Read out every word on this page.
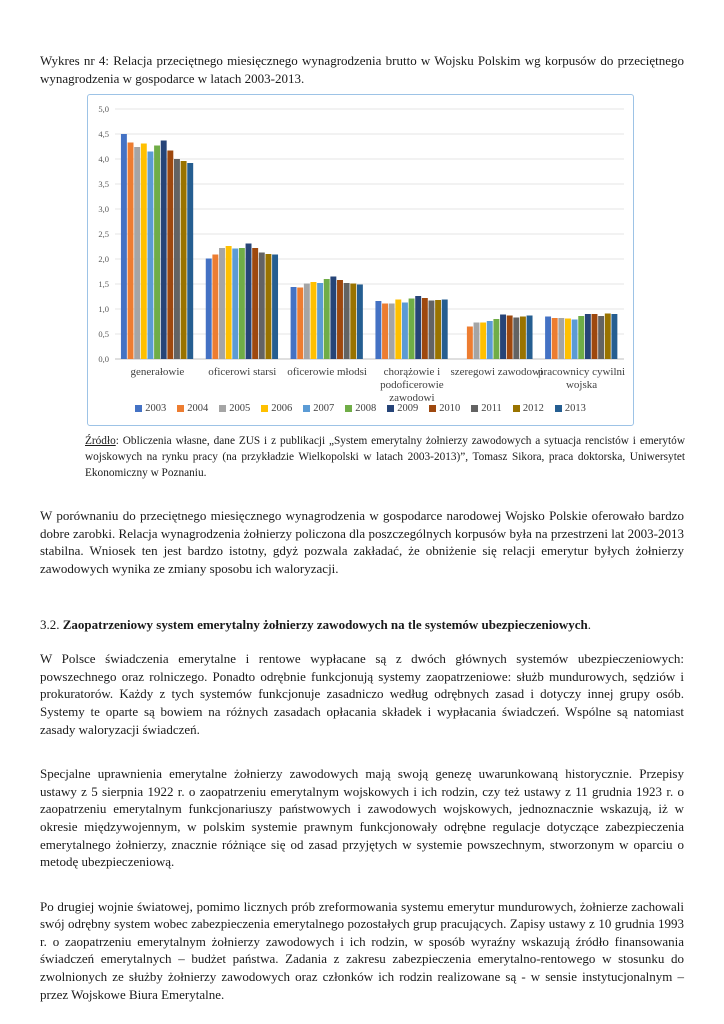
Wykres nr 4: Relacja przeciętnego miesięcznego wynagrodzenia brutto w Wojsku Polskim wg korpusów do przeciętnego wynagrodzenia w gospodarce w latach 2003-2013.

0,0
0,5
1,0
1,5
2,0
2,5
3,0
3,5
4,0
4,5
5,0
generałowie oficerowi starsi oficerowie młodsi chorążowie i
podoficerowie
zawodowi
szeregowi zawodowi
pracownicy cywilni
wojska
2003 2004 2005 2006 2007 2008 2009 2010 2011 2012 2013

Źródło: Obliczenia własne, dane ZUS i z publikacji „System emerytalny żołnierzy zawodowych a sytuacja rencistów i emerytów wojskowych na rynku pracy (na przykładzie Wielkopolski w latach 2003-2013)”, Tomasz Sikora, praca doktorska, Uniwersytet Ekonomiczny w Poznaniu.

W porównaniu do przeciętnego miesięcznego wynagrodzenia w gospodarce narodowej Wojsko Polskie oferowało bardzo dobre zarobki. Relacja wynagrodzenia żołnierzy policzona dla poszczególnych korpusów była na przestrzeni lat 2003-2013 stabilna. Wniosek ten jest bardzo istotny, gdyż pozwala zakładać, że obniżenie się relacji emerytur byłych żołnierzy zawodowych wynika ze zmiany sposobu ich waloryzacji.

3.2. Zaopatrzeniowy system emerytalny żołnierzy zawodowych na tle systemów ubezpieczeniowych.

W Polsce świadczenia emerytalne i rentowe wypłacane są z dwóch głównych systemów ubezpieczeniowych: powszechnego oraz rolniczego. Ponadto odrębnie funkcjonują systemy zaopatrzeniowe: służb mundurowych, sędziów i prokuratorów. Każdy z tych systemów funkcjonuje zasadniczo według odrębnych zasad i dotyczy innej grupy osób. Systemy te oparte są bowiem na różnych zasadach opłacania składek i wypłacania świadczeń. Wspólne są natomiast zasady waloryzacji świadczeń.

Specjalne uprawnienia emerytalne żołnierzy zawodowych mają swoją genezę uwarunkowaną historycznie. Przepisy ustawy z 5 sierpnia 1922 r. o zaopatrzeniu emerytalnym wojskowych i ich rodzin, czy też ustawy z 11 grudnia 1923 r. o zaopatrzeniu emerytalnym funkcjonariuszy państwowych i zawodowych wojskowych, jednoznacznie wskazują, iż w okresie międzywojennym, w polskim systemie prawnym funkcjonowały odrębne regulacje dotyczące zabezpieczenia emerytalnego żołnierzy, znacznie różniące się od zasad przyjętych w systemie powszechnym, stworzonym w oparciu o metodę ubezpieczeniową.

Po drugiej wojnie światowej, pomimo licznych prób zreformowania systemu emerytur mundurowych, żołnierze zachowali swój odrębny system wobec zabezpieczenia emerytalnego pozostałych grup pracujących. Zapisy ustawy z 10 grudnia 1993 r. o zaopatrzeniu emerytalnym żołnierzy zawodowych i ich rodzin, w sposób wyraźny wskazują źródło finansowania świadczeń emerytalnych – budżet państwa. Zadania z zakresu zabezpieczenia emerytalno-rentowego w stosunku do zwolnionych ze służby żołnierzy zawodowych oraz członków ich rodzin realizowane są - w sensie instytucjonalnym – przez Wojskowe Biura Emerytalne.
